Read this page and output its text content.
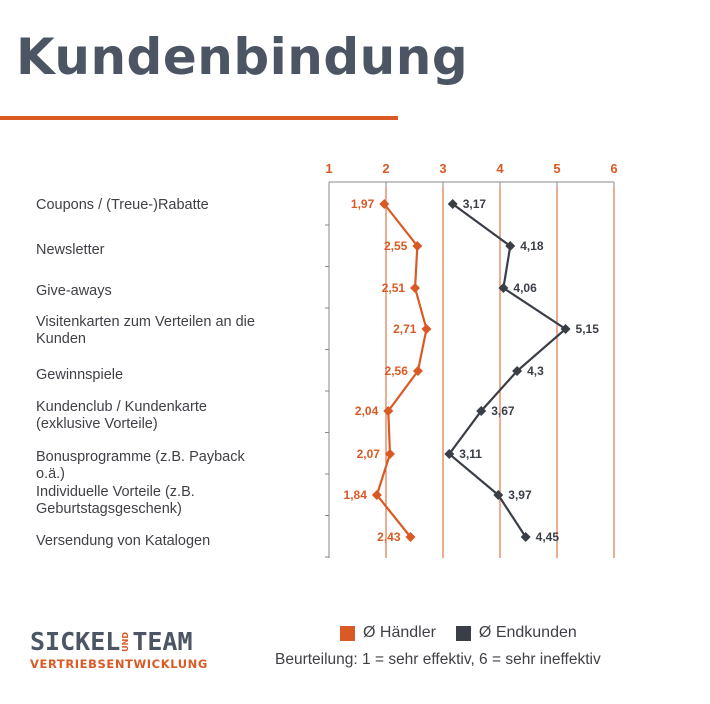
Kundenbindung
1	2	3	4	5	6
1,97
2,55
2,51
2,71
2,56
2,04
2,07
1,84
2,43
3,17
4,18
4,06
5,15
4,3
3,67
3,11
3,97
4,45
Coupons / (Treue-)Rabatte
Newsletter
Give-aways
Visitenkarten zum Verteilen an die Kunden
Gewinnspiele
Kundenclub / Kundenkarte (exklusive Vorteile)
Bonusprogramme (z.B. Payback o.ä.)
Individuelle Vorteile (z.B. Geburtstagsgeschenk)
Versendung von Katalogen
SICKEL UND TEAM
VERTRIEBSENTWICKLUNG
Ø Händler	Ø Endkunden
Beurteilung: 1 = sehr effektiv, 6 = sehr ineffektiv
